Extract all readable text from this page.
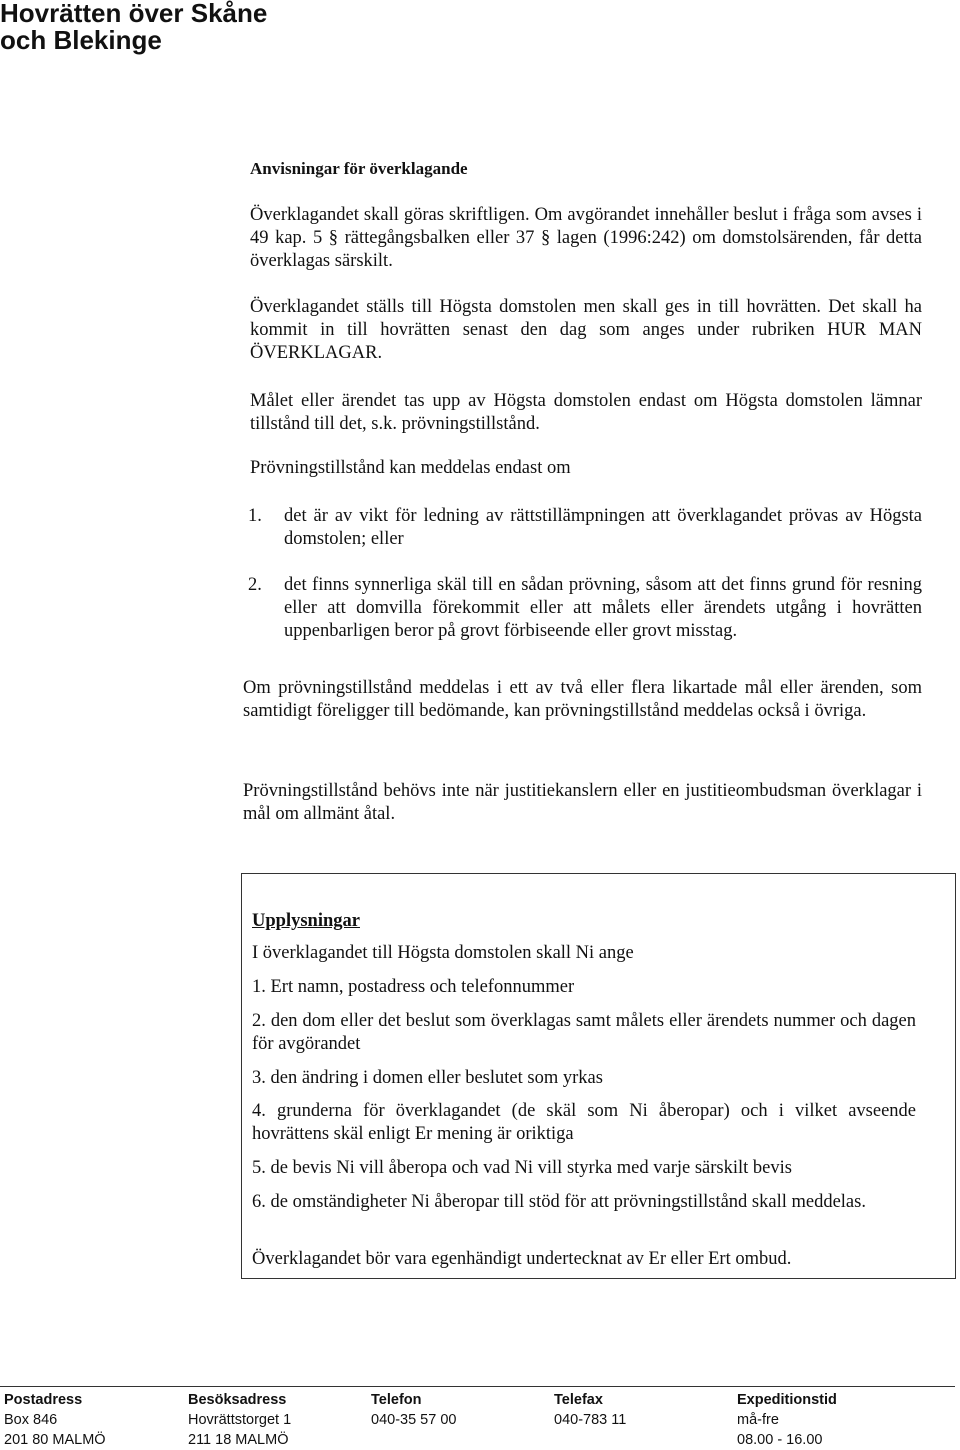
Hovrätten över Skåne
och Blekinge

Anvisningar för överklagande

Överklagandet skall göras skriftligen. Om avgörandet innehåller beslut i fråga som avses i 49 kap. 5 § rättegångsbalken eller 37 § lagen (1996:242) om domstolsärenden, får detta överklagas särskilt.

Överklagandet ställs till Högsta domstolen men skall ges in till hovrätten. Det skall ha kommit in till hovrätten senast den dag som anges under rubriken HUR MAN ÖVERKLAGAR.

Målet eller ärendet tas upp av Högsta domstolen endast om Högsta domstolen lämnar tillstånd till det, s.k. prövningstillstånd.

Prövningstillstånd kan meddelas endast om

1. det är av vikt för ledning av rättstillämpningen att överklagandet prövas av Högsta domstolen; eller

2. det finns synnerliga skäl till en sådan prövning, såsom att det finns grund för resning eller att domvilla förekommit eller att målets eller ärendets utgång i hovrätten uppenbarligen beror på grovt förbiseende eller grovt misstag.

Om prövningstillstånd meddelas i ett av två eller flera likartade mål eller ärenden, som samtidigt föreligger till bedömande, kan prövningstillstånd meddelas också i övriga.

Prövningstillstånd behövs inte när justitiekanslern eller en justitieombudsman överklagar i mål om allmänt åtal.

Upplysningar

I överklagandet till Högsta domstolen skall Ni ange

1. Ert namn, postadress och telefonnummer

2. den dom eller det beslut som överklagas samt målets eller ärendets nummer och dagen för avgörandet

3. den ändring i domen eller beslutet som yrkas

4. grunderna för överklagandet (de skäl som Ni åberopar) och i vilket avseende hovrättens skäl enligt Er mening är oriktiga

5. de bevis Ni vill åberopa och vad Ni vill styrka med varje särskilt bevis

6. de omständigheter Ni åberopar till stöd för att prövningstillstånd skall meddelas.

Överklagandet bör vara egenhändigt undertecknat av Er eller Ert ombud.

Postadress
Box 846
201 80 MALMÖ
Besöksadress
Hovrättstorget 1
211 18 MALMÖ
Telefon
040-35 57 00
Telefax
040-783 11
Expeditionstid
må-fre
08.00 - 16.00
